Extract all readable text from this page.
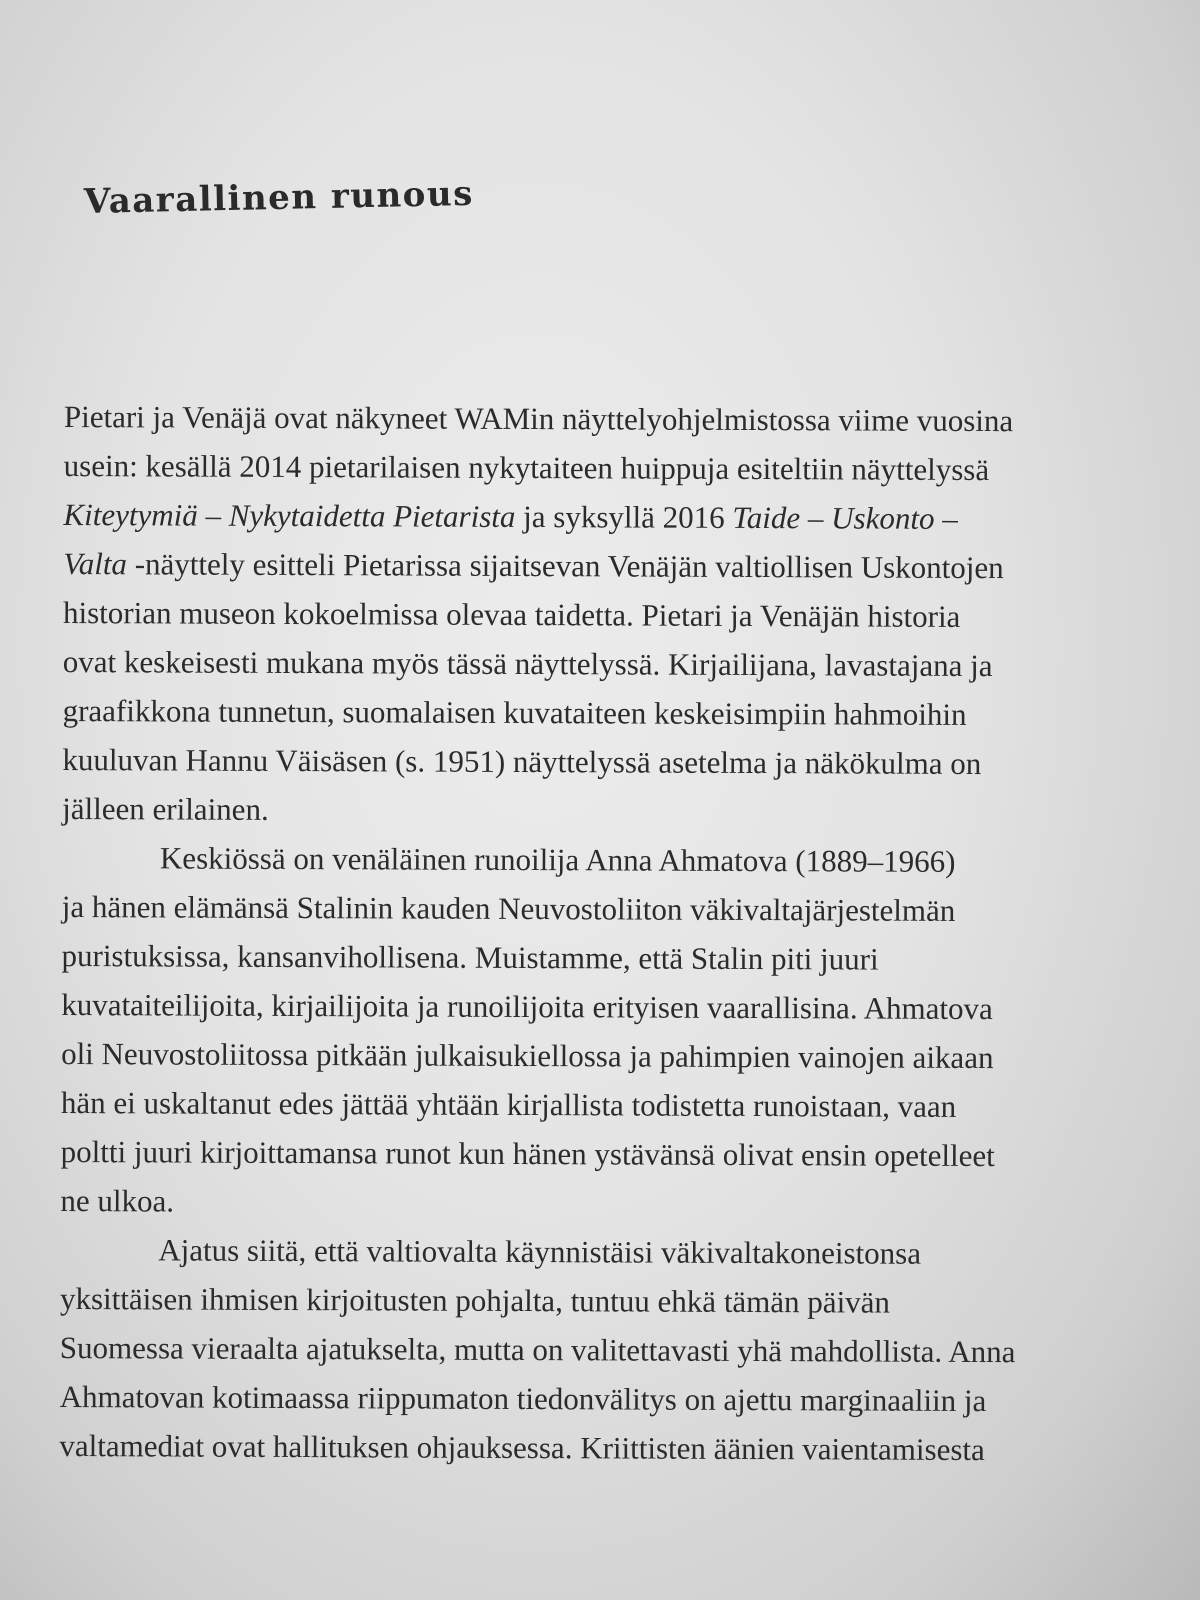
Vaarallinen runous
Pietari ja Venäjä ovat näkyneet WAMin näyttelyohjelmistossa viime vuosina
usein: kesällä 2014 pietarilaisen nykytaiteen huippuja esiteltiin näyttelyssä
Kiteytymiä – Nykytaidetta Pietarista ja syksyllä 2016 Taide – Uskonto –
Valta -näyttely esitteli Pietarissa sijaitsevan Venäjän valtiollisen Uskontojen
historian museon kokoelmissa olevaa taidetta. Pietari ja Venäjän historia
ovat keskeisesti mukana myös tässä näyttelyssä. Kirjailijana, lavastajana ja
graafikkona tunnetun, suomalaisen kuvataiteen keskeisimpiin hahmoihin
kuuluvan Hannu Väisäsen (s. 1951) näyttelyssä asetelma ja näkökulma on
jälleen erilainen.
Keskiössä on venäläinen runoilija Anna Ahmatova (1889–1966)
ja hänen elämänsä Stalinin kauden Neuvostoliiton väkivaltajärjestelmän
puristuksissa, kansanvihollisena. Muistamme, että Stalin piti juuri
kuvataiteilijoita, kirjailijoita ja runoilijoita erityisen vaarallisina. Ahmatova
oli Neuvostoliitossa pitkään julkaisukiellossa ja pahimpien vainojen aikaan
hän ei uskaltanut edes jättää yhtään kirjallista todistetta runoistaan, vaan
poltti juuri kirjoittamansa runot kun hänen ystävänsä olivat ensin opetelleet
ne ulkoa.
Ajatus siitä, että valtiovalta käynnistäisi väkivaltakoneistonsa
yksittäisen ihmisen kirjoitusten pohjalta, tuntuu ehkä tämän päivän
Suomessa vieraalta ajatukselta, mutta on valitettavasti yhä mahdollista. Anna
Ahmatovan kotimaassa riippumaton tiedonvälitys on ajettu marginaaliin ja
valtamediat ovat hallituksen ohjauksessa. Kriittisten äänien vaientamisesta
